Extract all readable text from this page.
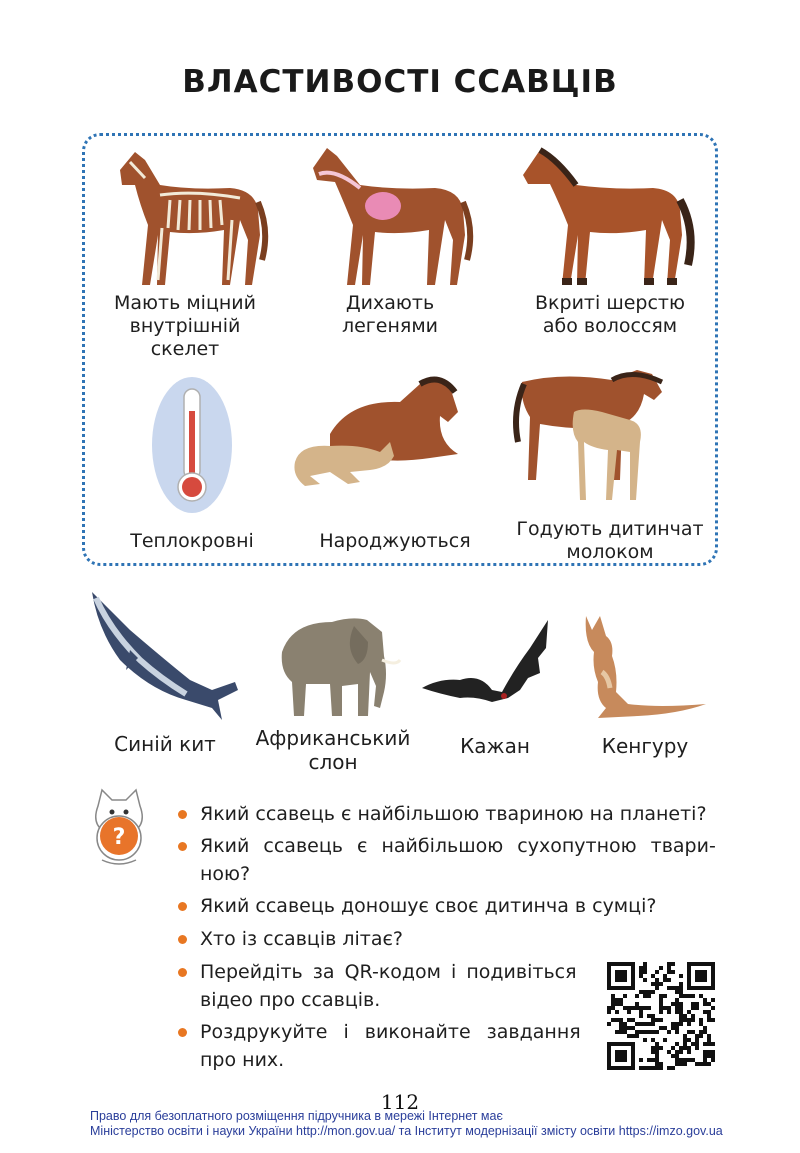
ВЛАСТИВОСТІ ССАВЦІВ
Мають міцний
внутрішній скелет
Дихають
легенями
Вкриті шерстю
або волоссям
Теплокровні	Народжуються
Годують дитинчат
молоком
Синій кит	Африканський
слон
Кажан	Кенгуру
?
Який ссавець є найбільшою твариною на планеті?
Який ссавець є найбільшою сухопутною твари-
ною?
Який ссавець доношує своє дитинча в сумці?
Хто із ссавців літає?
Перейдіть за QR-кодом і подивіться
відео про ссавців.
Роздрукуйте і виконайте завдання
про них.
112
Право для безоплатного розміщення підручника в мережі Інтернет має
Міністерство освіти і науки України http://mon.gov.ua/ та Інститут модернізації змісту освіти https://imzo.gov.ua
